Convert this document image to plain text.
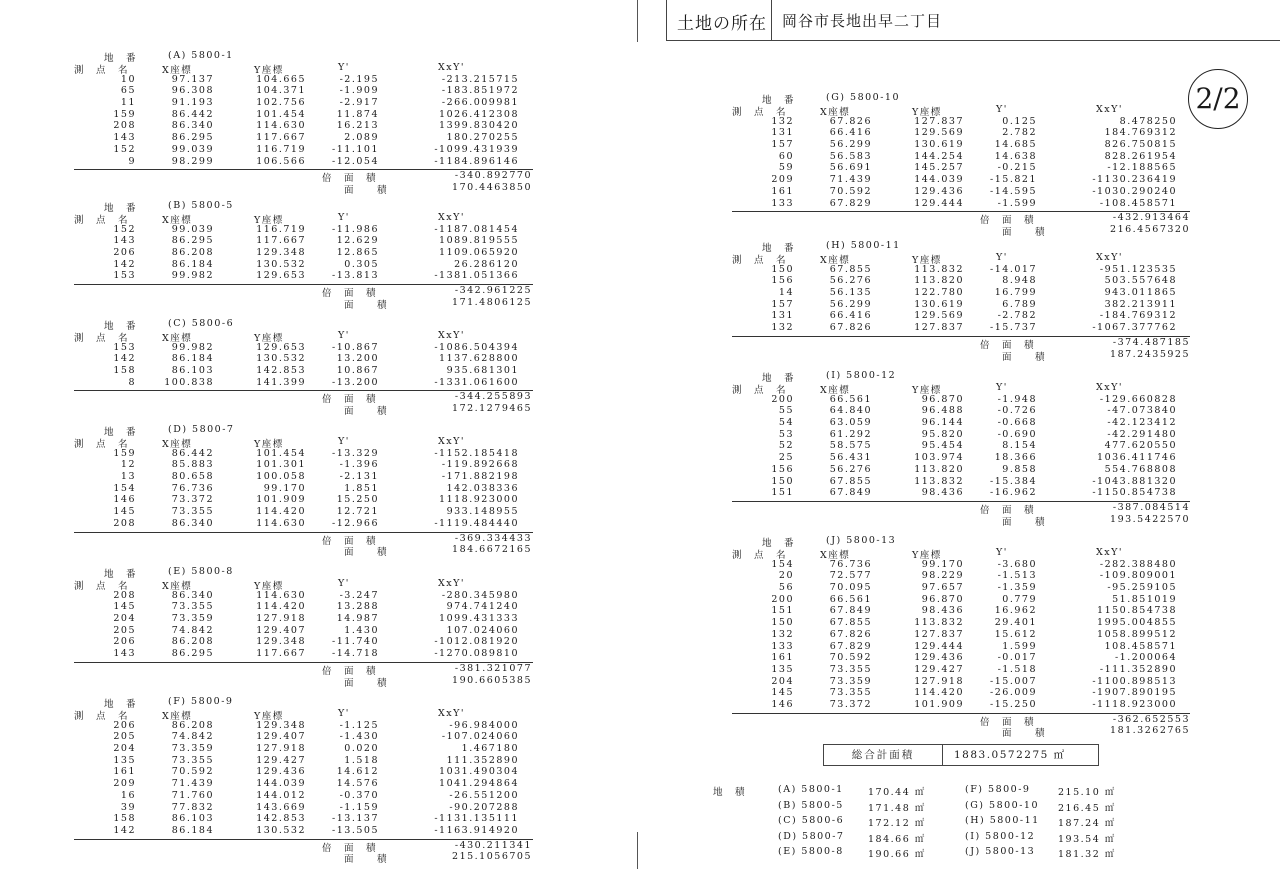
土地の所在 岡谷市長地出早二丁目
2/2
地　番	(A) 5800-1
測　点　名	X座標	Y座標	Y'	XxY'
10	97.137	104.665	-2.195	-213.215715
65	96.308	104.371	-1.909	-183.851972
11	91.193	102.756	-2.917	-266.009981
159	86.442	101.454	11.874	1026.412308
208	86.340	114.630	16.213	1399.830420
143	86.295	117.667	2.089	180.270255
152	99.039	116.719	-11.101	-1099.431939
9	98.299	106.566	-12.054	-1184.896146
倍　面　積	-340.892770
面　　積	170.4463850
地　番	(B) 5800-5
測　点　名	X座標	Y座標	Y'	XxY'
152	99.039	116.719	-11.986	-1187.081454
143	86.295	117.667	12.629	1089.819555
206	86.208	129.348	12.865	1109.065920
142	86.184	130.532	0.305	26.286120
153	99.982	129.653	-13.813	-1381.051366
倍　面　積	-342.961225
面　　積	171.4806125
地　番	(C) 5800-6
測　点　名	X座標	Y座標	Y'	XxY'
153	99.982	129.653	-10.867	-1086.504394
142	86.184	130.532	13.200	1137.628800
158	86.103	142.853	10.867	935.681301
8	100.838	141.399	-13.200	-1331.061600
倍　面　積	-344.255893
面　　積	172.1279465
地　番	(D) 5800-7
測　点　名	X座標	Y座標	Y'	XxY'
159	86.442	101.454	-13.329	-1152.185418
12	85.883	101.301	-1.396	-119.892668
13	80.658	100.058	-2.131	-171.882198
154	76.736	99.170	1.851	142.038336
146	73.372	101.909	15.250	1118.923000
145	73.355	114.420	12.721	933.148955
208	86.340	114.630	-12.966	-1119.484440
倍　面　積	-369.334433
面　　積	184.6672165
地　番	(E) 5800-8
測　点　名	X座標	Y座標	Y'	XxY'
208	86.340	114.630	-3.247	-280.345980
145	73.355	114.420	13.288	974.741240
204	73.359	127.918	14.987	1099.431333
205	74.842	129.407	1.430	107.024060
206	86.208	129.348	-11.740	-1012.081920
143	86.295	117.667	-14.718	-1270.089810
倍　面　積	-381.321077
面　　積	190.6605385
地　番	(F) 5800-9
測　点　名	X座標	Y座標	Y'	XxY'
206	86.208	129.348	-1.125	-96.984000
205	74.842	129.407	-1.430	-107.024060
204	73.359	127.918	0.020	1.467180
135	73.355	129.427	1.518	111.352890
161	70.592	129.436	14.612	1031.490304
209	71.439	144.039	14.576	1041.294864
16	71.760	144.012	-0.370	-26.551200
39	77.832	143.669	-1.159	-90.207288
158	86.103	142.853	-13.137	-1131.135111
142	86.184	130.532	-13.505	-1163.914920
倍　面　積	-430.211341
面　　積	215.1056705
地　番	(G) 5800-10
測　点　名	X座標	Y座標	Y'	XxY'
132	67.826	127.837	0.125	8.478250
131	66.416	129.569	2.782	184.769312
157	56.299	130.619	14.685	826.750815
60	56.583	144.254	14.638	828.261954
59	56.691	145.257	-0.215	-12.188565
209	71.439	144.039	-15.821	-1130.236419
161	70.592	129.436	-14.595	-1030.290240
133	67.829	129.444	-1.599	-108.458571
倍　面　積	-432.913464
面　　積	216.4567320
地　番	(H) 5800-11
測　点　名	X座標	Y座標	Y'	XxY'
150	67.855	113.832	-14.017	-951.123535
156	56.276	113.820	8.948	503.557648
14	56.135	122.780	16.799	943.011865
157	56.299	130.619	6.789	382.213911
131	66.416	129.569	-2.782	-184.769312
132	67.826	127.837	-15.737	-1067.377762
倍　面　積	-374.487185
面　　積	187.2435925
地　番	(I) 5800-12
測　点　名	X座標	Y座標	Y'	XxY'
200	66.561	96.870	-1.948	-129.660828
55	64.840	96.488	-0.726	-47.073840
54	63.059	96.144	-0.668	-42.123412
53	61.292	95.820	-0.690	-42.291480
52	58.575	95.454	8.154	477.620550
25	56.431	103.974	18.366	1036.411746
156	56.276	113.820	9.858	554.768808
150	67.855	113.832	-15.384	-1043.881320
151	67.849	98.436	-16.962	-1150.854738
倍　面　積	-387.084514
面　　積	193.5422570
地　番	(J) 5800-13
測　点　名	X座標	Y座標	Y'	XxY'
154	76.736	99.170	-3.680	-282.388480
20	72.577	98.229	-1.513	-109.809001
56	70.095	97.657	-1.359	-95.259105
200	66.561	96.870	0.779	51.851019
151	67.849	98.436	16.962	1150.854738
150	67.855	113.832	29.401	1995.004855
132	67.826	127.837	15.612	1058.899512
133	67.829	129.444	1.599	108.458571
161	70.592	129.436	-0.017	-1.200064
135	73.355	129.427	-1.518	-111.352890
204	73.359	127.918	-15.007	-1100.898513
145	73.355	114.420	-26.009	-1907.890195
146	73.372	101.909	-15.250	-1118.923000
倍　面　積	-362.652553
面　　積	181.3262765
総合計面積	1883.0572275 ㎡
地　積	(A) 5800-1	170.44 ㎡	(F) 5800-9	215.10 ㎡
(B) 5800-5	171.48 ㎡	(G) 5800-10 216.45 ㎡
(C) 5800-6	172.12 ㎡	(H) 5800-11 187.24 ㎡
(D) 5800-7 184.66 ㎡	(I) 5800-12 193.54 ㎡
(E) 5800-8	190.66 ㎡	(J) 5800-13 181.32 ㎡
